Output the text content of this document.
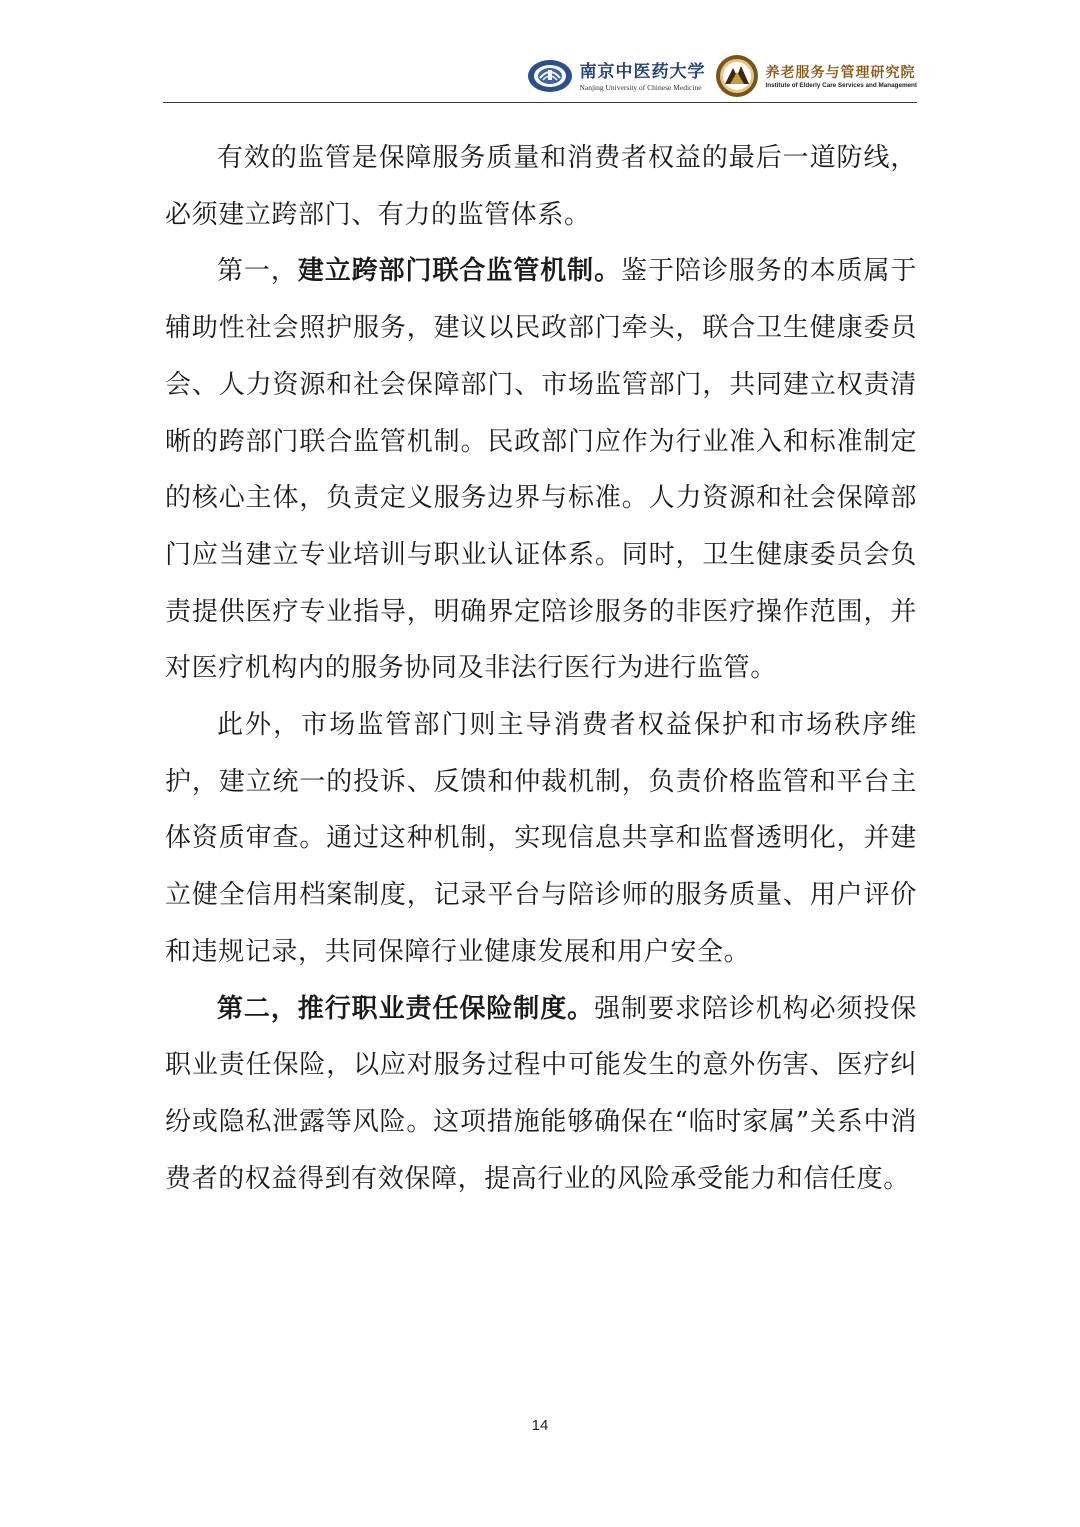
南京中医药大学
Nanjing University of Chinese Medicine
养老服务与管理研究院
Institute of Elderly Care Services and Management

有效的监管是保障服务质量和消费者权益的最后一道防线，必须建立跨部门、有力的监管体系。

第一，建立跨部门联合监管机制。鉴于陪诊服务的本质属于辅助性社会照护服务，建议以民政部门牵头，联合卫生健康委员会、人力资源和社会保障部门、市场监管部门，共同建立权责清晰的跨部门联合监管机制。民政部门应作为行业准入和标准制定的核心主体，负责定义服务边界与标准。人力资源和社会保障部门应当建立专业培训与职业认证体系。同时，卫生健康委员会负责提供医疗专业指导，明确界定陪诊服务的非医疗操作范围，并对医疗机构内的服务协同及非法行医行为进行监管。

此外，市场监管部门则主导消费者权益保护和市场秩序维护，建立统一的投诉、反馈和仲裁机制，负责价格监管和平台主体资质审查。通过这种机制，实现信息共享和监督透明化，并建立健全信用档案制度，记录平台与陪诊师的服务质量、用户评价和违规记录，共同保障行业健康发展和用户安全。

第二，推行职业责任保险制度。强制要求陪诊机构必须投保职业责任保险，以应对服务过程中可能发生的意外伤害、医疗纠纷或隐私泄露等风险。这项措施能够确保在“临时家属”关系中消费者的权益得到有效保障，提高行业的风险承受能力和信任度。

14
